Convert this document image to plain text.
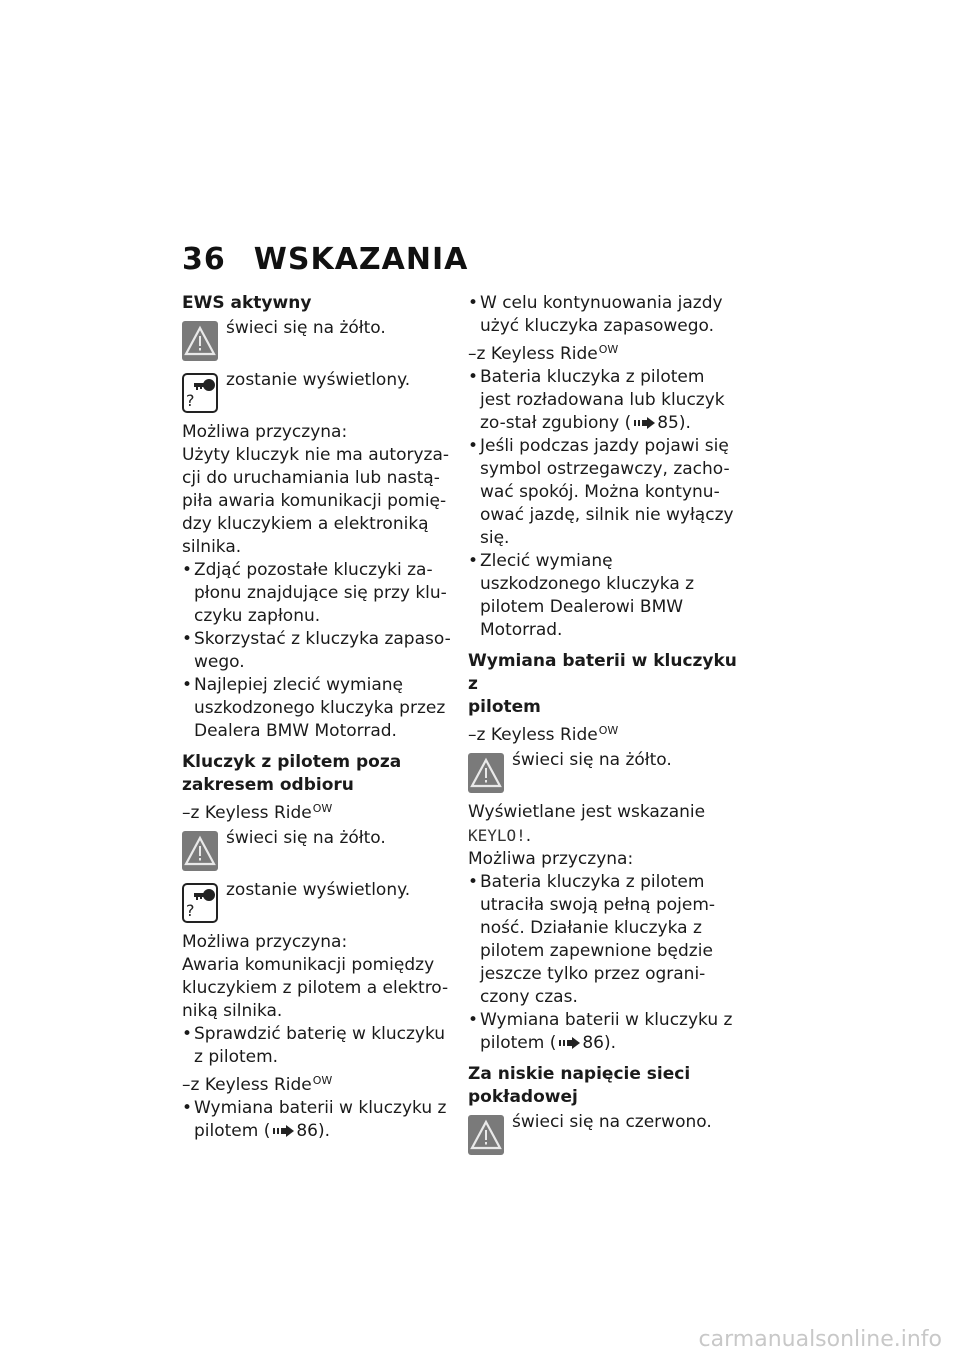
36 WSKAZANIA

EWS aktywny

świeci się na żółto.

?

zostanie wyświetlony.

Możliwa przyczyna:

Użyty kluczyk nie ma autoryza-cji do uruchamiania lub nastą-piła awaria komunikacji pomię-dzy kluczykiem a elektroniką silnika.

• Zdjąć pozostałe kluczyki za-płonu znajdujące się przy klu-czyku zapłonu.
• Skorzystać z kluczyka zapaso-wego.
• Najlepiej zlecić wymianę uszkodzonego kluczyka przez Dealera BMW Motorrad.

Kluczyk z pilotem poza

zakresem odbioru

–z Keyless Ride$^{OW}$

świeci się na żółto.

?

zostanie wyświetlony.

Możliwa przyczyna:

Awaria komunikacji pomiędzy kluczykiem z pilotem a elektro-niką silnika.

• Sprawdzić baterię w kluczyku z pilotem.
–z Keyless Ride$^{OW}$
• Wymiana baterii w kluczyku z pilotem ( 86).
• W celu kontynuowania jazdy użyć kluczyka zapasowego.
–z Keyless Ride$^{OW}$
• Bateria kluczyka z pilotem jest rozładowana lub kluczyk zo-stał zgubiony ( 85).
• Jeśli podczas jazdy pojawi się symbol ostrzegawczy, zacho-wać spokój. Można kontynu-ować jazdę, silnik nie wyłączy się.
• Zlecić wymianę uszkodzonego kluczyka z pilotem Dealerowi BMW Motorrad.

Wymiana baterii w kluczyku z

pilotem

–z Keyless Ride$^{OW}$

świeci się na żółto.

Wyświetlane jest wskazanie

KEYLO!.

Możliwa przyczyna:

• Bateria kluczyka z pilotem utraciła swoją pełną pojem-ność. Działanie kluczyka z pilotem zapewnione będzie jeszcze tylko przez ograni-czony czas.
• Wymiana baterii w kluczyku z pilotem ( 86).

Za niskie napięcie sieci

pokładowej

świeci się na czerwono.

carmanualsonline.info
